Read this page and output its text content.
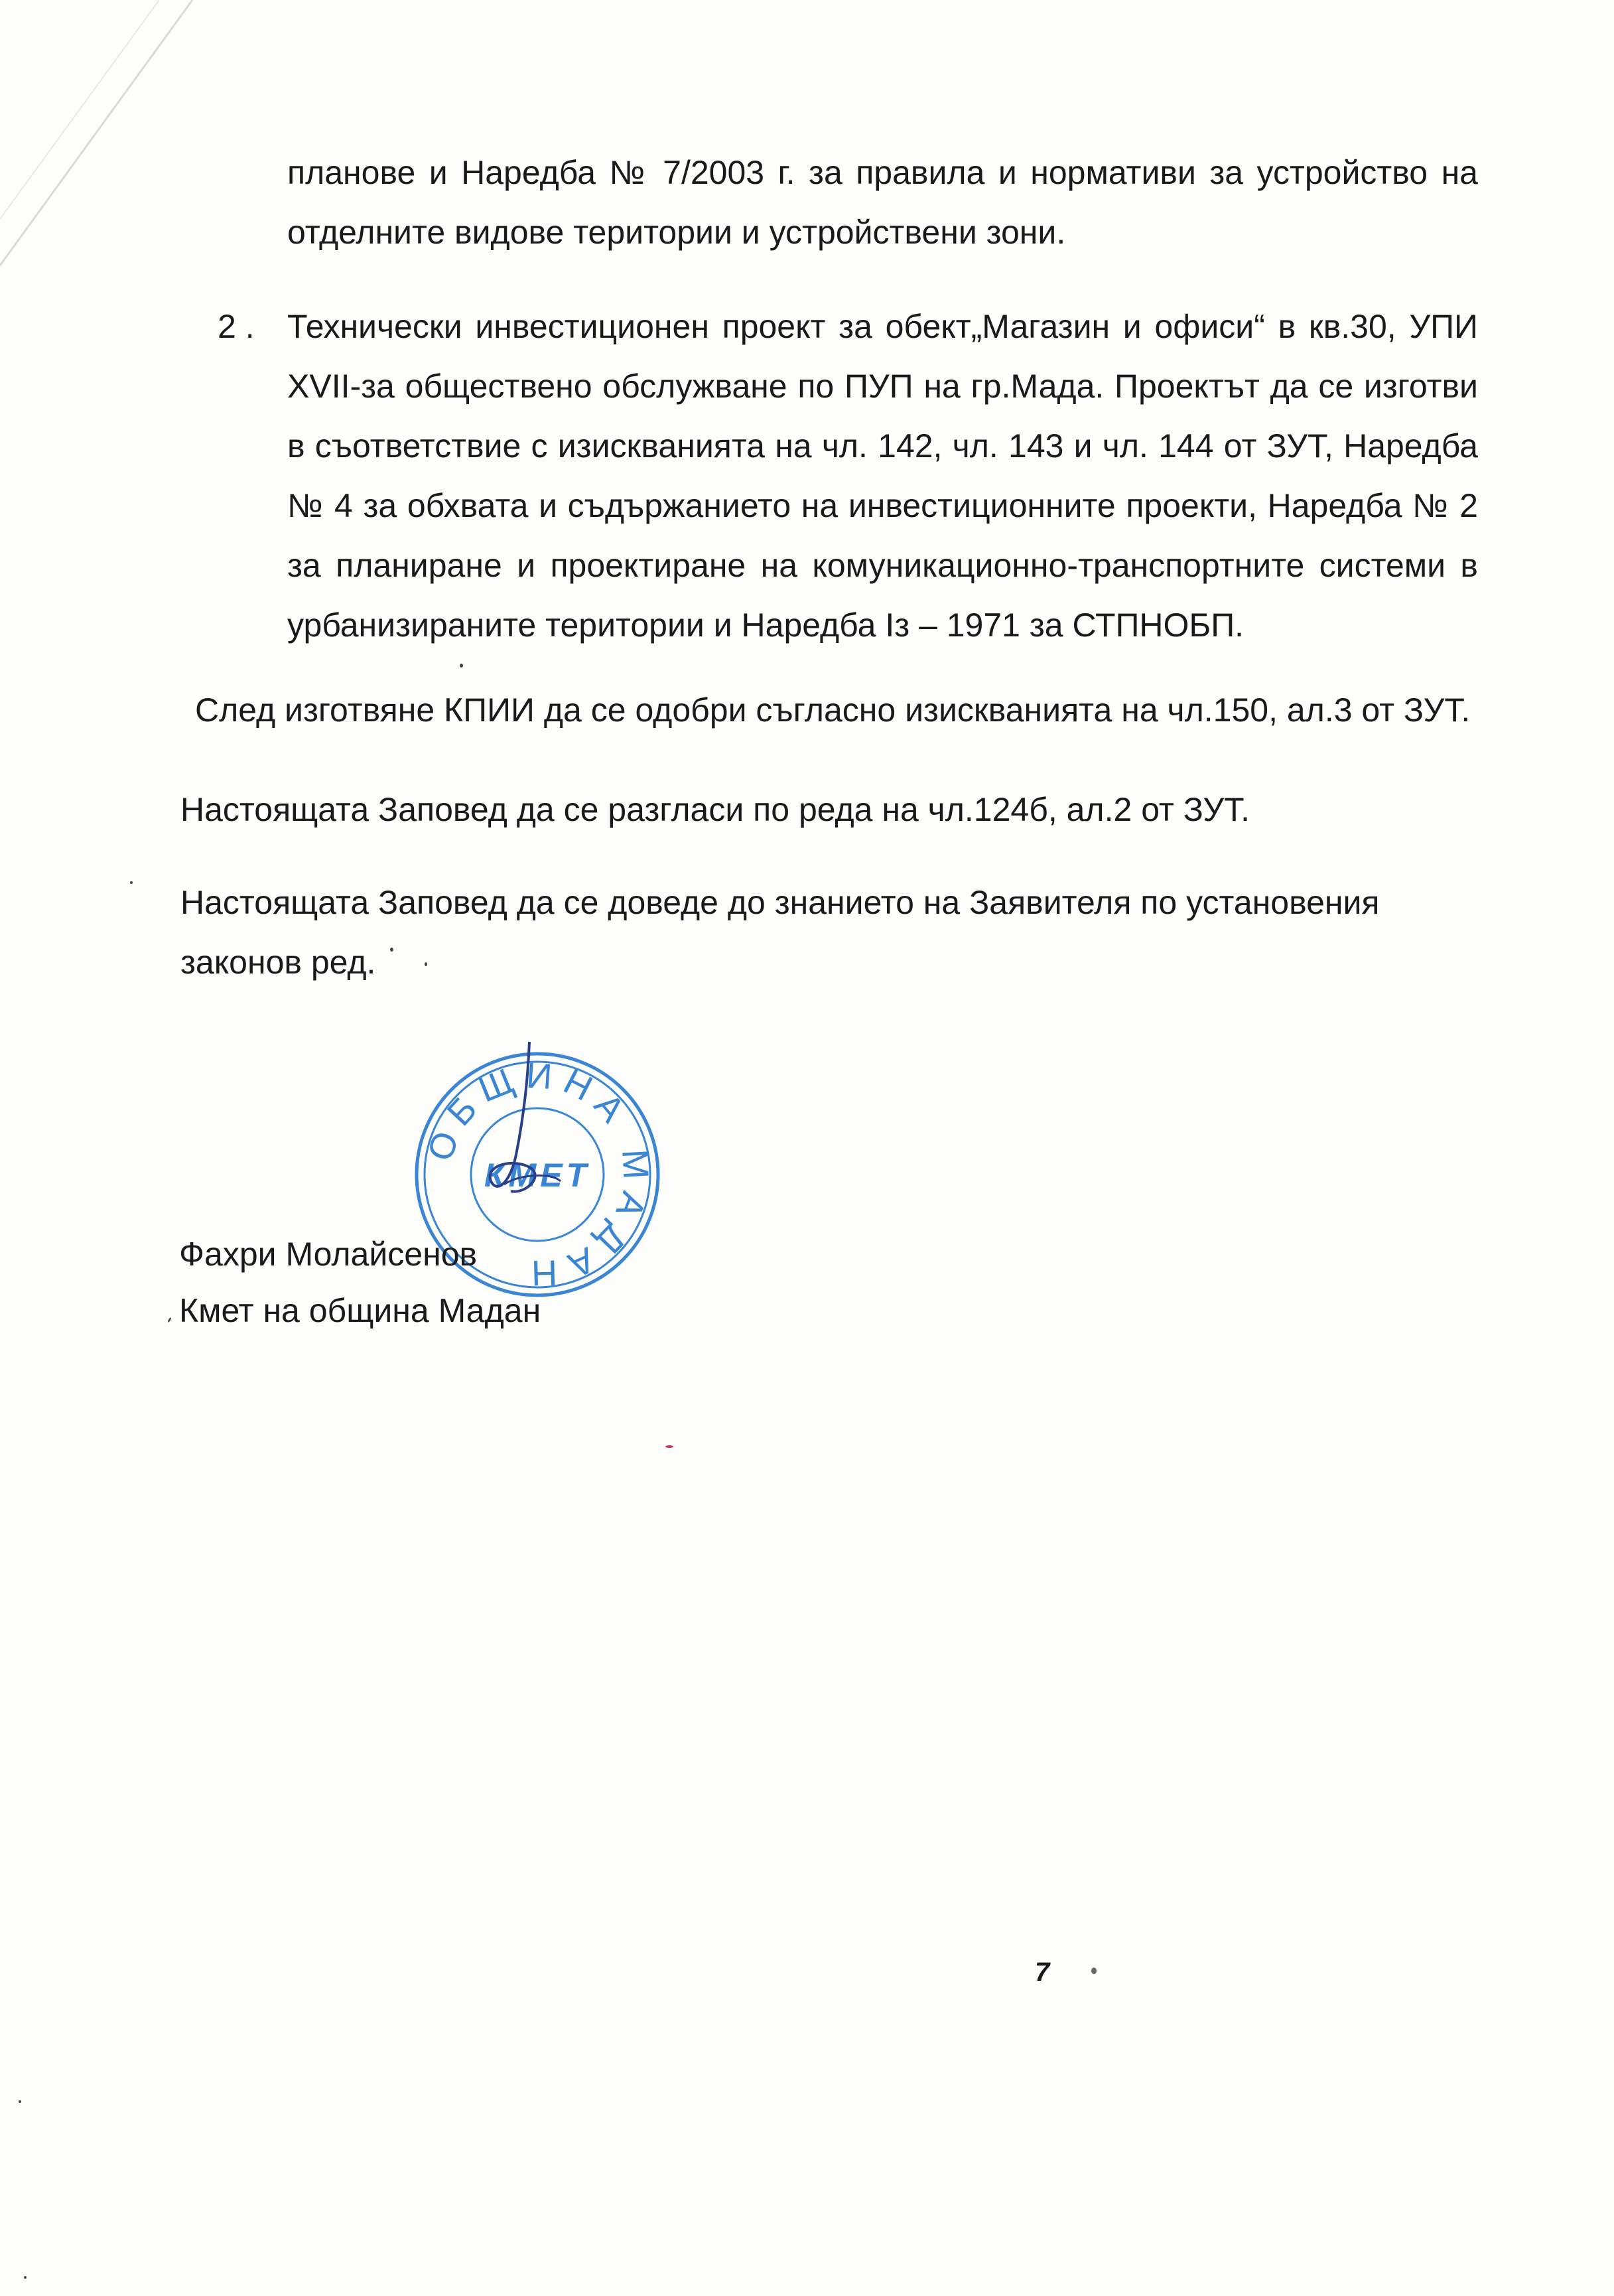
планове и Наредба № 7/2003 г. за правила и нормативи за устройство на
отделните видове територии и устройствени зони.
2 . Технически инвестиционен проект за обект„Магазин и офиси“ в кв.30, УПИ
XVII-за обществено обслужване по ПУП на гр.Мада. Проектът да се изготви
в съответствие с изискванията на чл. 142, чл. 143 и чл. 144 от ЗУТ, Наредба
№ 4 за обхвата и съдържанието на инвестиционните проекти, Наредба № 2
за планиране и проектиране на комуникационно-транспортните системи в
урбанизираните територии и Наредба Із – 1971 за СТПНОБП.
След изготвяне КПИИ да се одобри съгласно изискванията на чл.150, ал.3 от ЗУТ.
Настоящата Заповед да се разгласи по реда на чл.124б, ал.2 от ЗУТ.
Настоящата Заповед да се доведе до знанието на Заявителя по установения
законов ред.
ОБЩИНА МАДАН
КМЕТ
Фахри Молайсенов
Кмет на община Мадан
7
